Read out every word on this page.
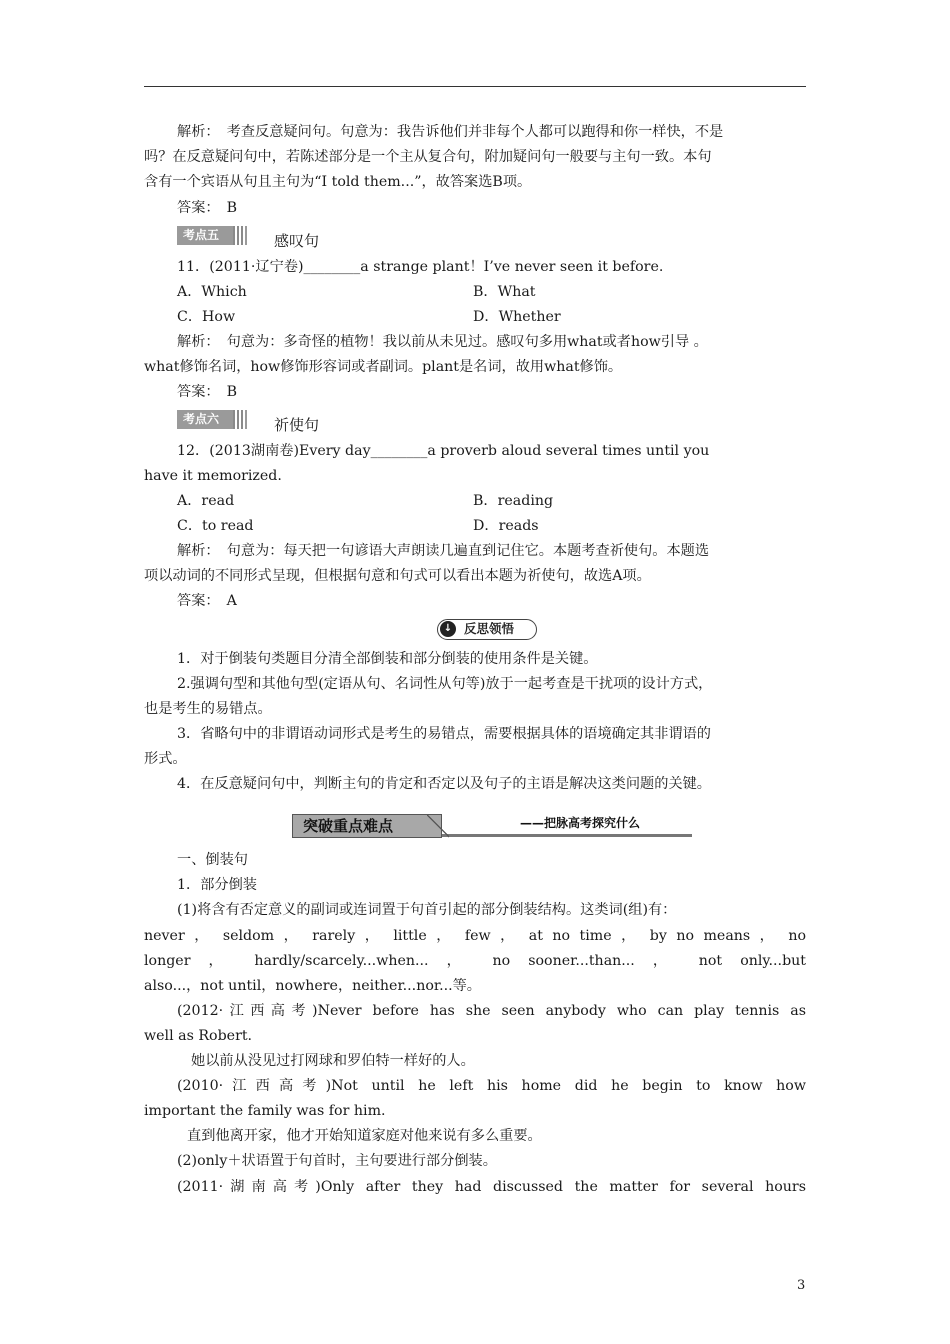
解析：　考查反意疑问句。句意为：我告诉他们并非每个人都可以跑得和你一样快，不是
吗？在反意疑问句中，若陈述部分是一个主从复合句，附加疑问句一般要与主句一致。本句
含有一个宾语从句且主句为“I told them...”，故答案选B项。
答案：　B
考点五	感叹句
11．(2011·辽宁卷)________a strange plant！I’ve never seen it before.
A．Which	B．What
C．How	D．Whether
解析：　句意为：多奇怪的植物！我以前从未见过。感叹句多用what或者how引导 。
what修饰名词，how修饰形容词或者副词。plant是名词，故用what修饰。
答案：　B
考点六	祈使句
12．(2013湖南卷)Every day________a proverb aloud several times until you
have it memorized.
A．read	B．reading
C．to read	D．reads
解析：　句意为：每天把一句谚语大声朗读几遍直到记住它。本题考查祈使句。本题选
项以动词的不同形式呈现，但根据句意和句式可以看出本题为祈使句，故选A项。
答案：　A
↓ 反思领悟
1．对于倒装句类题目分清全部倒装和部分倒装的使用条件是关键。
2.强调句型和其他句型(定语从句、名词性从句等)放于一起考查是干扰项的设计方式，
也是考生的易错点。
3．省略句中的非谓语动词形式是考生的易错点，需要根据具体的语境确定其非谓语的
形式。
4．在反意疑问句中，判断主句的肯定和否定以及句子的主语是解决这类问题的关键。
突破重点难点	——把脉高考探究什么
一、倒装句
1．部分倒装
(1)将含有否定意义的副词或连词置于句首引起的部分倒装结构。这类词(组)有：
never ， seldom ， rarely ， little ， few ， at no time ， by no means ， no
longer ， hardly/scarcely...when... ， no sooner...than... ， not only...but
also...，not until，nowhere，neither...nor...等。
(2012·江西高考)Never before has she seen anybody who can play tennis as
well as Robert.
她以前从没见过打网球和罗伯特一样好的人。
(2010·江西高考)Not until he left his home did he begin to know how
important the family was for him.
直到他离开家，他才开始知道家庭对他来说有多么重要。
(2)only＋状语置于句首时，主句要进行部分倒装。
(2011·湖南高考)Only after they had discussed the matter for several hours
3
